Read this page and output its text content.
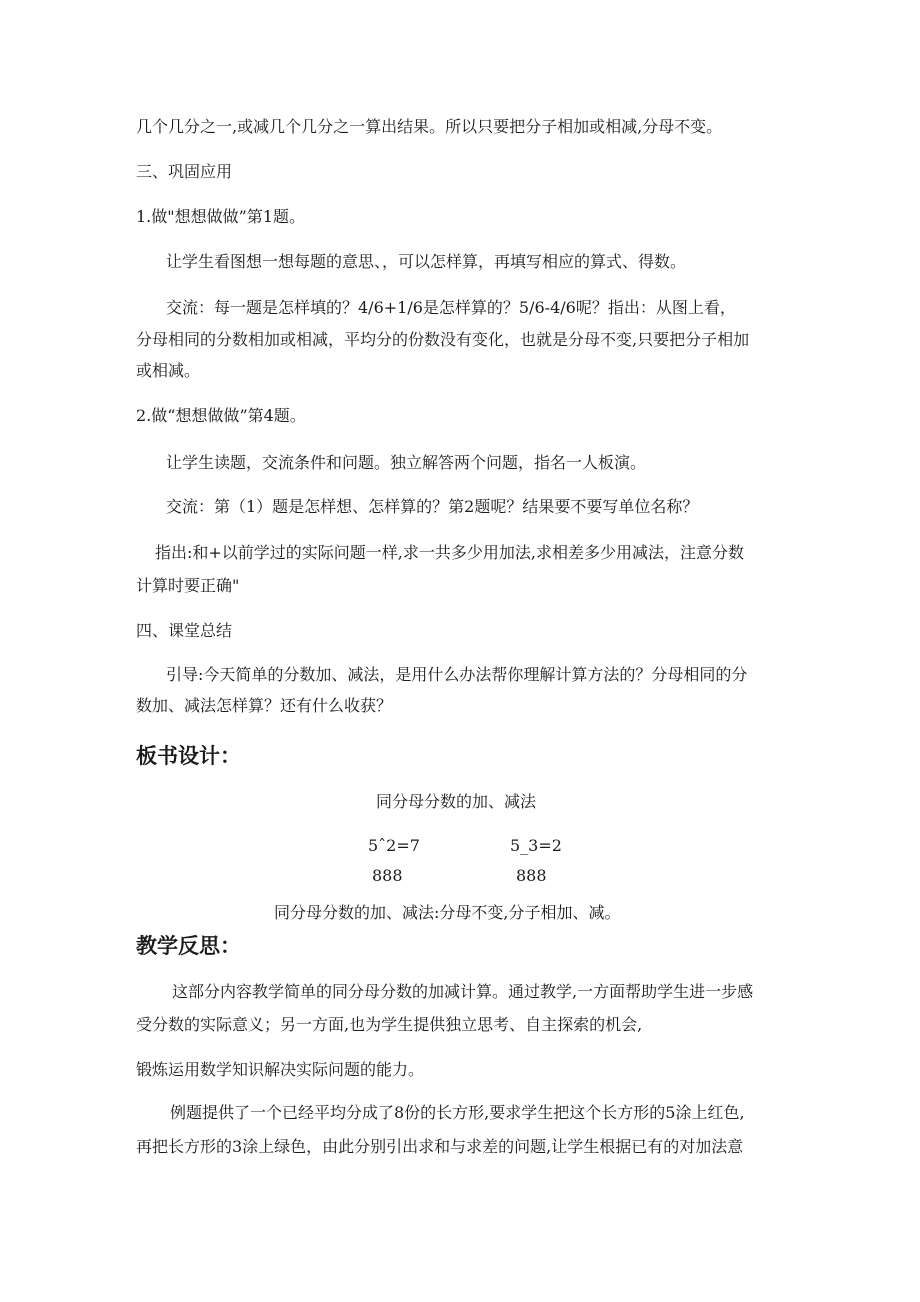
几个几分之一,或减几个几分之一算出结果。所以只要把分子相加或相减,分母不变。

三、巩固应用

1.做"想想做做”第1题。

让学生看图想一想每题的意思、，可以怎样算，再填写相应的算式、得数。

交流：每一题是怎样填的？4/6+1/6是怎样算的？5/6-4/6呢？指出：从图上看，

分母相同的分数相加或相减，平均分的份数没有变化，也就是分母不变,只要把分子相加

或相减。

2.做“想想做做”第4题。

让学生读题，交流条件和问题。独立解答两个问题，指名一人板演。

交流：第（1）题是怎样想、怎样算的？第2题呢？结果要不要写单位名称？

指出:和+以前学过的实际问题一样,求一共多少用加法,求相差多少用减法，注意分数

计算时要正确"

四、课堂总结

引导:今天简单的分数加、减法，是用什么办法帮你理解计算方法的？分母相同的分

数加、减法怎样算？还有什么收获？

板书设计：

同分母分数的加、减法

5ˆ2=7	5_3=2

888	888

同分母分数的加、减法:分母不变,分子相加、减。

教学反思：

这部分内容教学简单的同分母分数的加减计算。通过教学,一方面帮助学生进一步感

受分数的实际意义；另一方面,也为学生提供独立思考、自主探索的机会,

锻炼运用数学知识解决实际问题的能力。

例题提供了一个已经平均分成了8份的长方形,要求学生把这个长方形的5涂上红色,

再把长方形的3涂上绿色，由此分别引出求和与求差的问题,让学生根据已有的对加法意
